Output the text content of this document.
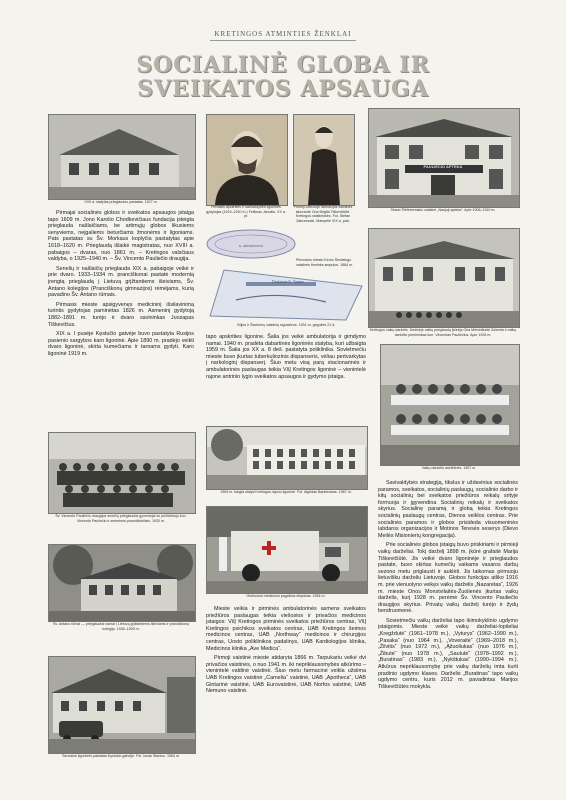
KRETINGOS ATMINTIES ŽENKLAI
SOCIALINĖ GLOBA IR
SVEIKATOS APSAUGA
XVII a. statytas prieglaudos pastatas. 1927 m.

Pirmajai socialinės globos ir sveikatos apsaugos įstaiga tapo 1609 m. Jono Karolio Chodkevičiaus fundacija įsteigta prieglauda našlaičiams, be artimųjų globos likusiems senyviems, neįgaliems beturčiams žmonėms ir ligoniams. Pats pastatas su Šv. Morkaus koplyčia pastatytas apie 1618–1620 m. Prieglaudą išlaikė magistratas, nuo XVIII a. pabaigos – dvaras, nuo 1861 m. – Kretingos valsčiaus valdyba, o 1925–1940 m. – Šv. Vincento Pauliečio draugija.

Senelių ir našlaičių prieglauda XIX a. pabaigoje veikė ir prie dvaro. 1933–1934 m. pranciškonai pastatė modernią įrengtą prieglaudą į Lietuvą grįžtantiems išeiviams, Šv. Antano kolegijos (Pranciškonų gimnazijos) rėmėjams, kurią pavadino Šv. Antano rūmais.

Pirmasis mieste apsigyvenęs medicininį išsilavinimą turintis gydytojas paminėtas 1826 m. Asmeninį gydytoją 1882–1891 m. turėjo ir dvaro savininkas Juozapas Tiškevičius.

XIX a. I pusėje Kęstučio gatvėje buvo pastatyta Rusijos pasienio sargybos karo ligoninė. Apie 1890 m. pradėjo veikti dvaro ligoninė, skirta kumečiams ir tarnams gydyti. Karo ligoninė 1919 m.

Pirmasis apskrities ir savivaldybės ligoninės gydytojas (1919–1920 m.) Feliksas Janušis. XX a. pr.
Pirmoji Lietuvoje farmacijos vaistinės laborantė Ona Brigita Tiškevičiūtė. Kretingos vaistininkės. Fot. Stefan Zakrzewski, Mampėlė XIX a. pab.
PAULIECIO APTEKA
Stasio Šlėferčenskio vaistinė „Naujoji apteka“. Apie 1906–1919 m.
G. MINNEWITZ
Pirmosios miesto Kemo Šerdaingo vaistinės firminės ampulos. 1884 m.
Drukarnia K. Vanaus
Vilijos ir Šavinėnų vaistinių signatūros. 1931 m. gegužės 21 d.
Kretingos vaikų darželis. Dešinėje vaikų prieglaudų įkūrėja Ona Mirinkišlaitė Zulemia ir vaikų darželio pirmininkas kun. Vincentas Pauliečius. Apie 1928 m.

tapo apskrities ligonine. Šalia jos veikė ambulatorija ir gimdymo namai. 1940 m. pradėta dabartinės ligoninės statyba, kuri užbaigta 1959 m. Šalia jos XX a. 8 deš. pastatyta poliklinika. Sovietmečiu mieste buvo įkurtas tuberkuliozinis dispanseris, vėliau pertvarkytas į narkologinį dispanserį. Šiuo metu visą parą stacionarinės ir ambulatorinės paslaugas teikia VšĮ Kretingos ligoninė – vienintelė rajone antrinio lygio sveikatos apsaugos ir gydymo įstaiga.

Vaikų darželio auklėtinės. 1957 m.
Šv. Vincento Pauliečio draugijos senelių prieglaudos gyventojai su prižiūrėtoju kun. Vincentu Pauliečiu ir seserimis pranciškiečiais. 1930 m.
Šv. Antano rūmai — prieglaudos namai į Lietuvą grįžtantiems išeiviams ir pranciškonų kolegija. 1936–1939 m.
Senosios ligoninės pastatas Kęstučio gatvėje. Fot. Ionas Stanius. 1964 m.
1954 m. baigta statyti Kretingos rajono ligoninė. Fot. Algirdas Baršėnskas. 1967 m.
Greitosios medicinos pagalbos ekipažas. 1954 m.

Mieste veikia ir pirminės ambulatorinės asmens sveikatos priežiūros paslaugas teikia viešosios ir privačios medicinos įstaigos: VšĮ Kretingos pirminės sveikatos priežiūros centras, VšĮ Kretingos psichikos sveikatos centras, UAB Kretingos šeimos medicinos centras, UAB „Northway“ medicinos ir chirurgijos centras, Uosto poliklinikos padalinys, UAB Kardiologijos klinika, Medicinos klinika „Ave Medica“.

Pirmoji vaistinė mieste atidaryta 1866 m. Tarpukariu veikė dvi privačios vaistinės, o nuo 1941 m. iki nepriklausomybės atkūrimo – vienintelė valdinė vaistinė. Šiuo metu farmacinė veikla užsiima UAB Kretingos vaistinė „Camelia“ vaistinė, UAB „Apotheca“, UAB Gintarinė vaistinė, UAB Eurovaistinė, UAB Norfos vaistinė, UAB Nemuno vaistinė.

Savivaldybės strategiją, tikslus ir uždavinius socialinės paramos, sveikatos, socialinių paslaugų, socialinio darbo ir kitų socialinių bei sveikatos priežiūros reikalų srityje formuoja ir įgyvendina Socialinių reikalų ir sveikatos skyrius. Socialinę paramą ir globą teikia Kretingos socialinių paslaugų centras, Dienos veiklos centras. Prie socialinės paramos ir globos prisideda visuomeninės labdaros organizacijos ir Motinos Teresės seserys (Dievo Meilės Misionierių kongregacija).

Prie socialinės globos įstaigų buvo priskiriami ir pirmieji vaikų darželiai. Tokį darželį 1898 m. įkūrė grafaitė Marija Tiškevičiūtė. Jis veikė dvaro ligoninėje ir prieglaudos pastate, buvo skirtas kumečių vaikams vasaros darbų sezono metu priglausti ir auklėti. Jis laikomas pirmuoju lietuvišku darželiu Lietuvoje. Globos funkcijas atliko 1916 m. prie vienuolyno veikęs vaikų darželis „Nazaretas“, 1926 m. mieste Onos Monstvilaitės-Žuolienės įkurtas vaikų darželis, kurį 1928 m. perėmė Šv. Vincento Pauliečio draugijos skyrius. Privatų vaikų darželį turėjo ir žydų bendruomenė.

Sovietmečiu vaikų darželiai tapo ikimokyklinio ugdymo įstaigomis. Mieste veikė vaikų darželiai-lopšeliai „Kregždutė“ (1961–1978 m.), „Vyturys“ (1962–1990 m.), „Pasaka“ (nuo 1964 m.), „Voveraitė“ (1969–2018 m.), „Žilvitis“ (nuo 1972 m.), „Ąžuoliukas“ (nuo 1976 m.), „Žibutė“ (nuo 1978 m.), „Saulutė“ (1978–1992 m.), „Buratinas“ (1983 m.), „Nykštukas“ (1990–1994 m.). Atkūrus nepriklausomybę prie vaikų darželių imta kurti pradinio ugdymo klases. Darželis „Buratinas“ tapo vaikų ugdymo centru, kuris 2012 m. pavadintas Marijos Tiškevičiūtės mokykla.
